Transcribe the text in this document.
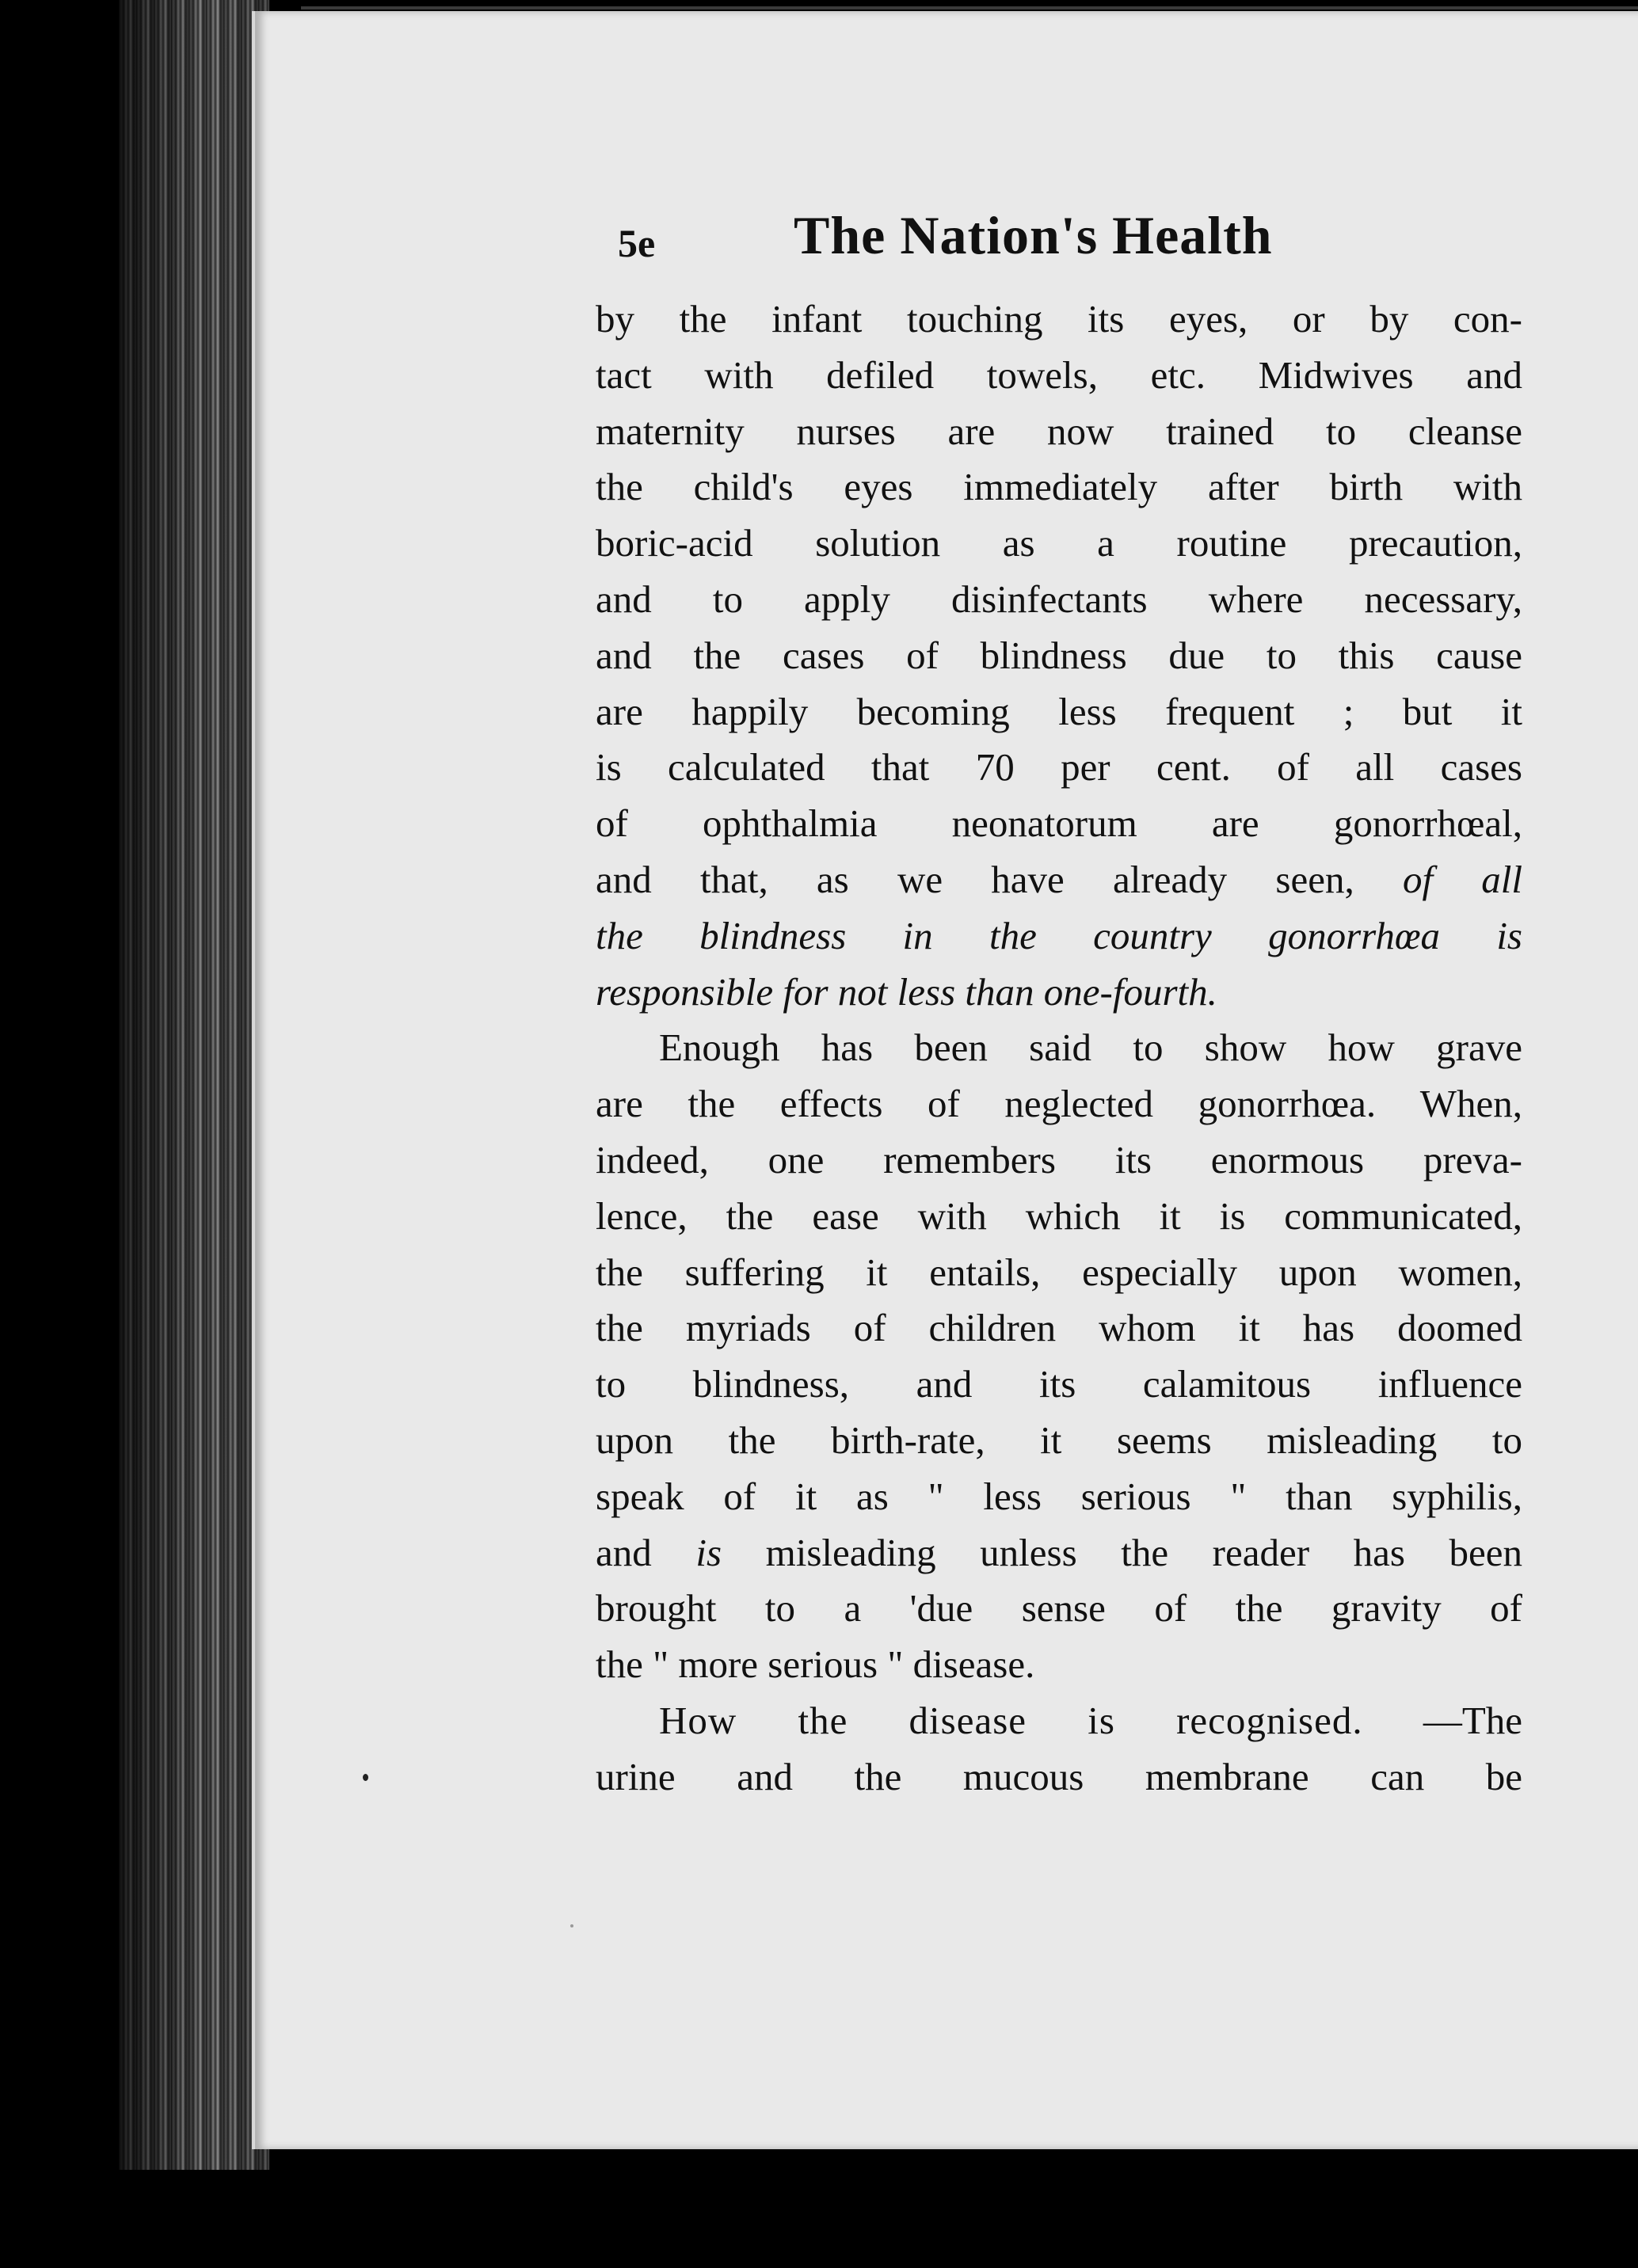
5e	The Nation's Health
by the infant touching its eyes, or by con-
tact with defiled towels, etc. Midwives and
maternity nurses are now trained to cleanse
the child's eyes immediately after birth with
boric-acid solution as a routine precaution,
and to apply disinfectants where necessary,
and the cases of blindness due to this cause
are happily becoming less frequent ; but it
is calculated that 70 per cent. of all cases
of ophthalmia neonatorum are gonorrhœal,
and that, as we have already seen, of all
the blindness in the country gonorrhœa is
responsible for not less than one-fourth.
Enough has been said to show how grave
are the effects of neglected gonorrhœa. When,
indeed, one remembers its enormous preva-
lence, the ease with which it is communicated,
the suffering it entails, especially upon women,
the myriads of children whom it has doomed
to blindness, and its calamitous influence
upon the birth-rate, it seems misleading to
speak of it as " less serious " than syphilis,
and is misleading unless the reader has been
brought to a 'due sense of the gravity of
the " more serious " disease.
How the disease is recognised. —The
urine and the mucous membrane can be
